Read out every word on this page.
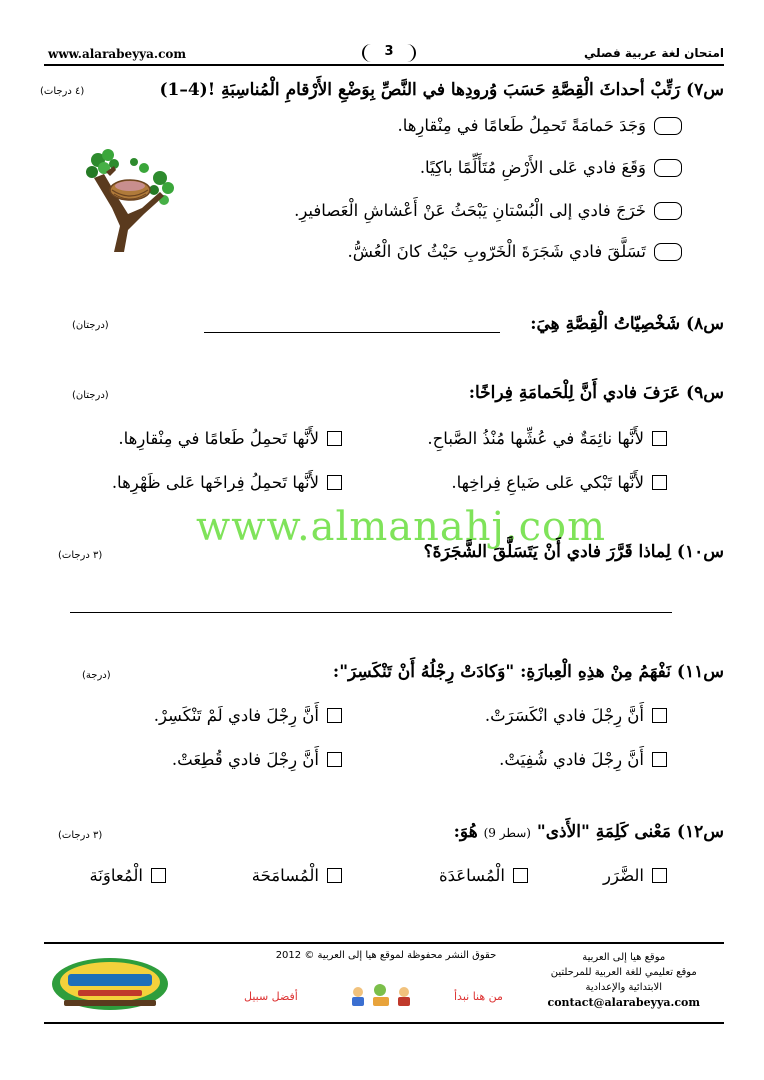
www.alarabeyya.com	3	امتحان لغة عربية فصلي
س٧) رَتِّبْ أحداثَ الْقِصَّةِ حَسَبَ وُرودِها في النَّصِّ بِوَضْعِ الأَرْقامِ الْمُناسِبَةِ (1–4)!
(٤ درجات)
وَجَدَ حَمامَةً تَحمِلُ طَعامًا في مِنْقارِها.
وَقَعَ فادي عَلى الأَرْضِ مُتَأَلِّمًا باكِيًا.
خَرَجَ فادي إلى الْبُسْتانِ يَبْحَثُ عَنْ أَعْشاشِ الْعَصافيرِ.
تَسَلَّقَ فادي شَجَرَةَ الْخَرّوبِ حَيْثُ كانَ الْعُشُّ.
س٨) شَخْصِيّاتُ الْقِصَّةِ هِيَ:
(درجتان)
س٩) عَرَفَ فادي أَنَّ لِلْحَمامَةِ فِراخًا:
(درجتان)
لأَنَّها نائِمَةٌ في عُشِّها مُنْذُ الصَّباحِ.
لأَنَّها تَحمِلُ طَعامًا في مِنْقارِها.
لأَنَّها تَبْكي عَلى ضَياعِ فِراخِها.
لأَنَّها تَحمِلُ فِراخَها عَلى ظَهْرِها.
www.almanahj.com
س١٠) لِماذا قَرَّرَ فادي أَنْ يَتَسَلَّقَ الشَّجَرَةَ؟
(٣ درجات)
س١١) نَفْهَمُ مِنْ هذِهِ الْعِبارَةِ: "وَكادَتْ رِجْلُهُ أَنْ تَنْكَسِرَ":
(درجة)
أَنَّ رِجْلَ فادي انْكَسَرَتْ.
أَنَّ رِجْلَ فادي لَمْ تَنْكَسِرْ.
أَنَّ رِجْلَ فادي شُفِيَتْ.
أَنَّ رِجْلَ فادي قُطِعَتْ.
س١٢) مَعْنى كَلِمَةِ "الأَذى" (سطر 9) هُوَ:
(٣ درجات)
الضَّرَر
الْمُساعَدَة
الْمُسامَحَة
الْمُعاوَنَة
موقع هيا إلى العربية
موقع تعليمي للغة العربية للمرحلتين
الابتدائية والإعدادية
contact@alarabeyya.com
حقوق النشر محفوظة لموقع هيا إلى العربية © 2012
أفضل سبيل	من هنا نبدأ
